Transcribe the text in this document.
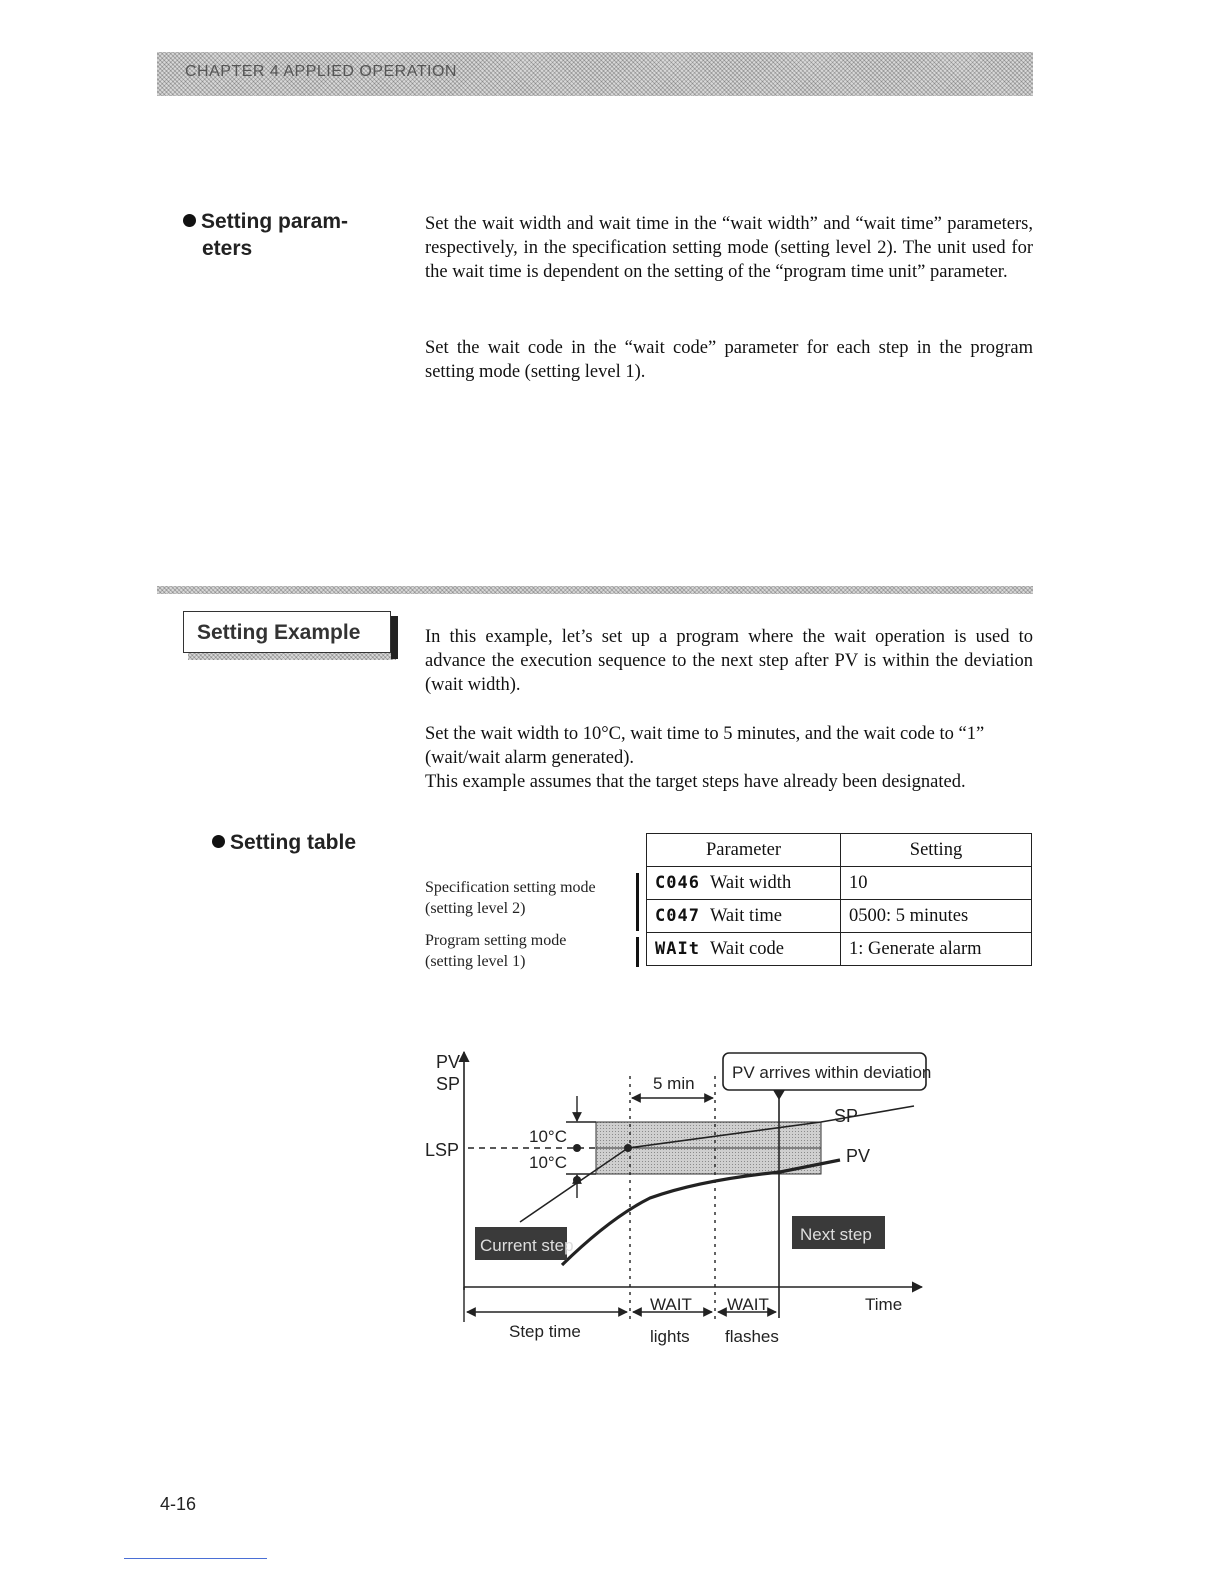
CHAPTER 4 APPLIED OPERATION
Setting param-
eters
Set the wait width and wait time in the “wait width” and “wait time” parameters, respectively, in the specification setting mode (setting level 2). The unit used for the wait time is dependent on the setting of the “program time unit” parameter.
Set the wait code in the “wait code” parameter for each step in the program setting mode (setting level 1).
Setting Example	In this example, let’s set up a program where the wait operation is used to advance the execution sequence to the next step after PV is within the deviation (wait width).
Set the wait width to 10°C, wait time to 5 minutes, and the wait code to “1”
(wait/wait alarm generated).
This example assumes that the target steps have already been designated.
Setting table
Specification setting mode
(setting level 2)
Program setting mode
(setting level 1)
Parameter	Setting
C046 Wait width	10
C047 Wait time	0500: 5 minutes
WAIt Wait code	1: Generate alarm
PV arrives within deviation
Current step
Next step
PV
SP
LSP
10°C
10°C
5 min
SP
PV
Time
Step time
WAIT
lights
WAIT
flashes
4-16
